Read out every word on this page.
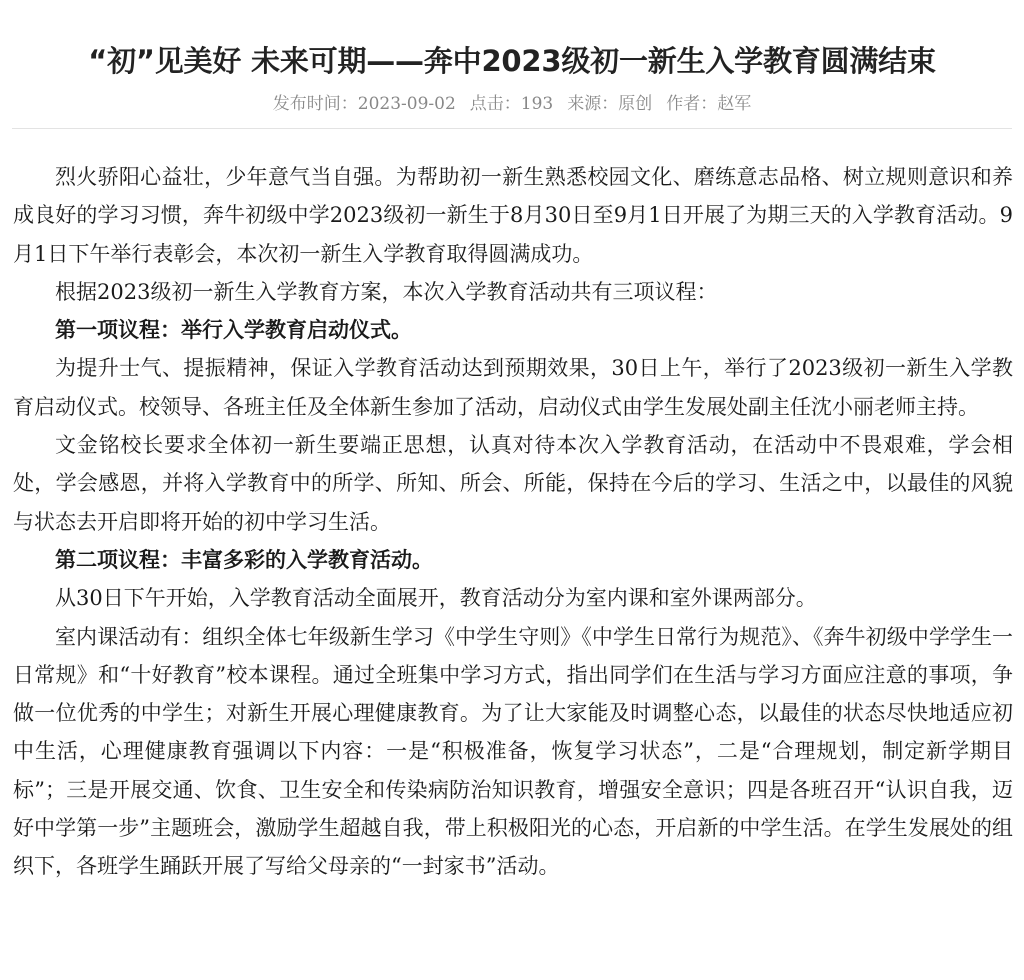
“初”见美好 未来可期——奔中2023级初一新生入学教育圆满结束
发布时间：2023-09-02 点击：193 来源：原创 作者：赵军

烈火骄阳心益壮，少年意气当自强。为帮助初一新生熟悉校园文化、磨练意志品格、树立规则意识和养成良好的学习习惯，奔牛初级中学2023级初一新生于8月30日至9月1日开展了为期三天的入学教育活动。9月1日下午举行表彰会，本次初一新生入学教育取得圆满成功。

根据2023级初一新生入学教育方案，本次入学教育活动共有三项议程：

第一项议程：举行入学教育启动仪式。

为提升士气、提振精神，保证入学教育活动达到预期效果，30日上午，举行了2023级初一新生入学教育启动仪式。校领导、各班主任及全体新生参加了活动，启动仪式由学生发展处副主任沈小丽老师主持。

文金铭校长要求全体初一新生要端正思想，认真对待本次入学教育活动，在活动中不畏艰难，学会相处，学会感恩，并将入学教育中的所学、所知、所会、所能，保持在今后的学习、生活之中，以最佳的风貌与状态去开启即将开始的初中学习生活。

第二项议程：丰富多彩的入学教育活动。

从30日下午开始，入学教育活动全面展开，教育活动分为室内课和室外课两部分。

室内课活动有：组织全体七年级新生学习《中学生守则》《中学生日常行为规范》、《奔牛初级中学学生一日常规》和“十好教育”校本课程。通过全班集中学习方式，指出同学们在生活与学习方面应注意的事项，争做一位优秀的中学生；对新生开展心理健康教育。为了让大家能及时调整心态，以最佳的状态尽快地适应初中生活，心理健康教育强调以下内容：一是“积极准备，恢复学习状态”，二是“合理规划，制定新学期目标”；三是开展交通、饮食、卫生安全和传染病防治知识教育，增强安全意识；四是各班召开“认识自我，迈好中学第一步”主题班会，激励学生超越自我，带上积极阳光的心态，开启新的中学生活。在学生发展处的组织下，各班学生踊跃开展了写给父母亲的“一封家书”活动。
